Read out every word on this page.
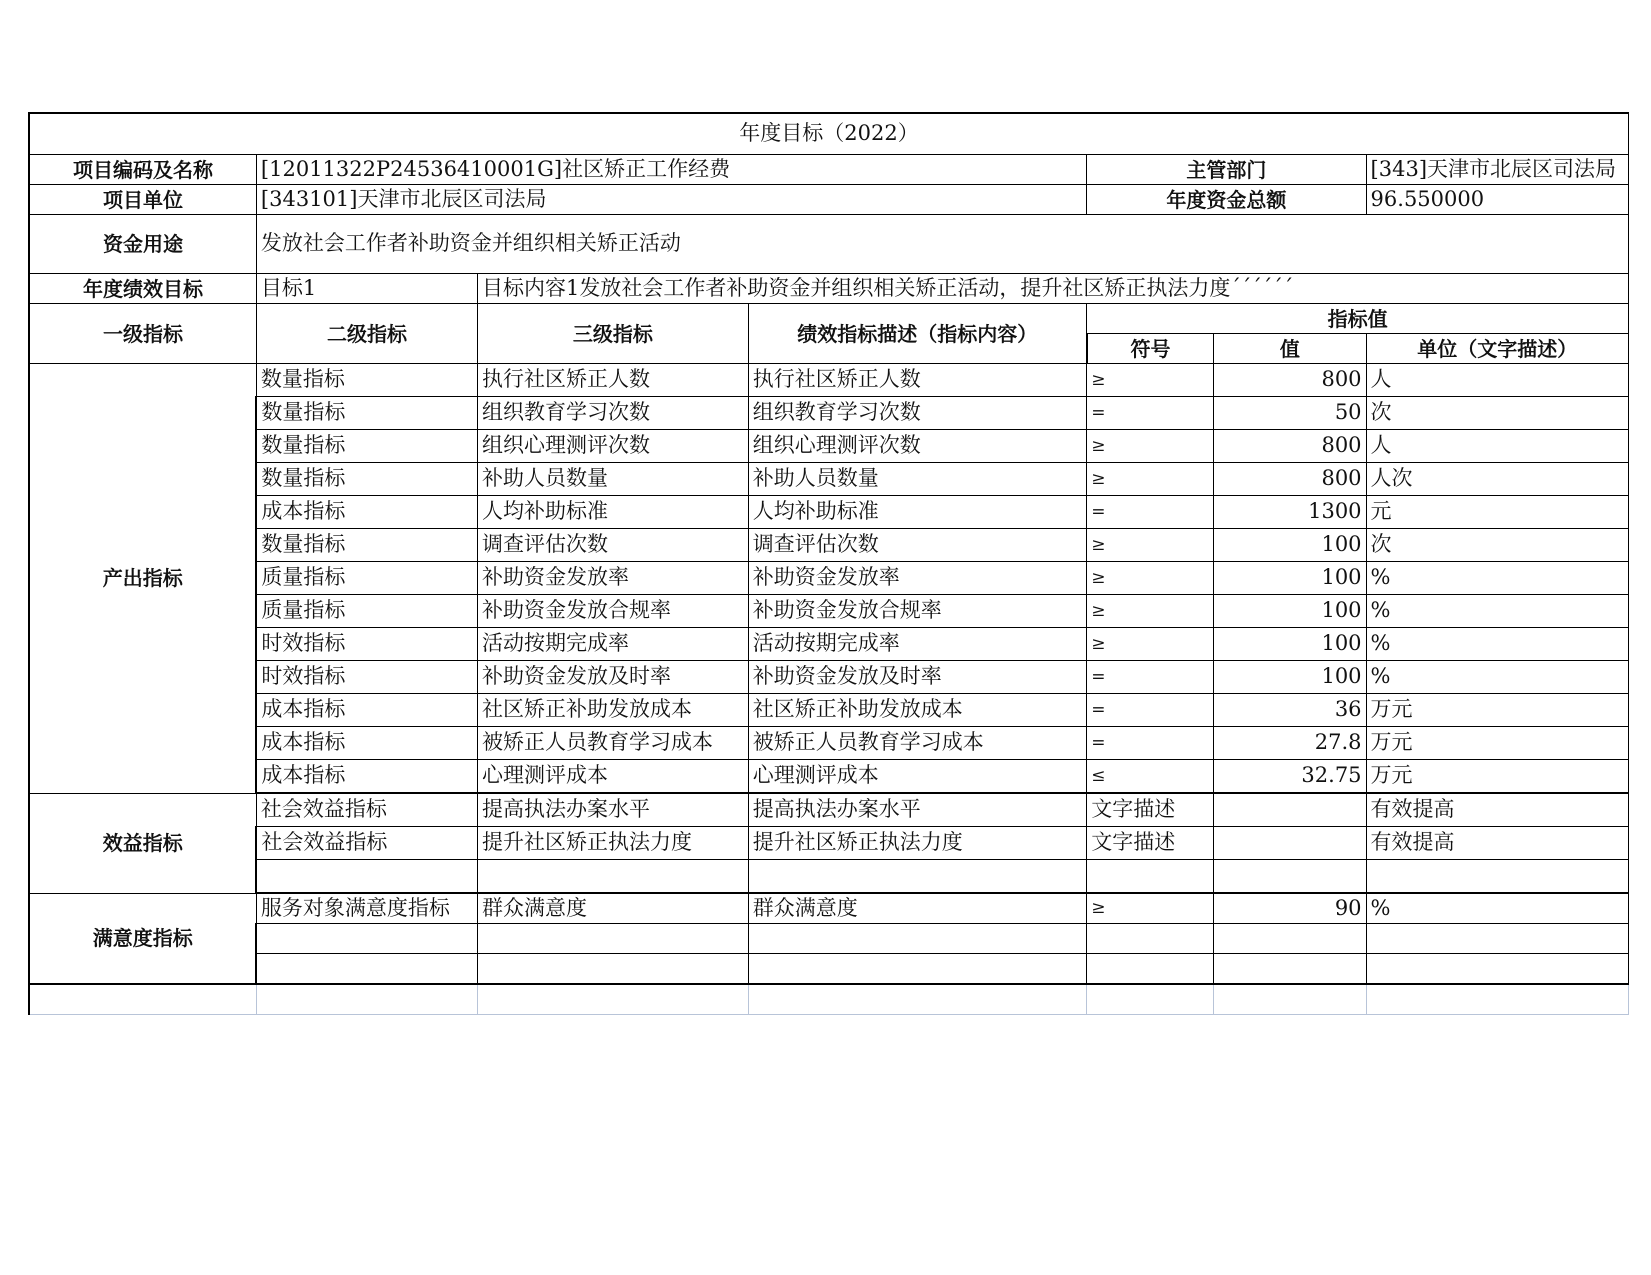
年度目标（2022）						
项目编码及名称	[12011322P24536410001G]社区矫正工作经费			主管部门		[343]天津市北辰区司法局
项目单位	[343101]天津市北辰区司法局			年度资金总额		96.550000
资金用途	发放社会工作者补助资金并组织相关矫正活动					
年度绩效目标	目标1	目标内容1发放社会工作者补助资金并组织相关矫正活动，提升社区矫正执法力度´´´´´´				
一级指标	二级指标	三级指标	绩效指标描述（指标内容）	指标值		
				符号	值	单位（文字描述）
产出指标	数量指标	执行社区矫正人数	执行社区矫正人数	≥	800	人
	数量指标	组织教育学习次数	组织教育学习次数	=	50	次
	数量指标	组织心理测评次数	组织心理测评次数	≥	800	人
	数量指标	补助人员数量	补助人员数量	≥	800	人次
	成本指标	人均补助标准	人均补助标准	=	1300	元
	数量指标	调查评估次数	调查评估次数	≥	100	次
	质量指标	补助资金发放率	补助资金发放率	≥	100	%
	质量指标	补助资金发放合规率	补助资金发放合规率	≥	100	%
	时效指标	活动按期完成率	活动按期完成率	≥	100	%
	时效指标	补助资金发放及时率	补助资金发放及时率	=	100	%
	成本指标	社区矫正补助发放成本	社区矫正补助发放成本	=	36	万元
	成本指标	被矫正人员教育学习成本	被矫正人员教育学习成本	=	27.8	万元
	成本指标	心理测评成本	心理测评成本	≤	32.75	万元
效益指标	社会效益指标	提高执法办案水平	提高执法办案水平	文字描述		有效提高
	社会效益指标	提升社区矫正执法力度	提升社区矫正执法力度	文字描述		有效提高

满意度指标	服务对象满意度指标	群众满意度	群众满意度	≥	90	%
